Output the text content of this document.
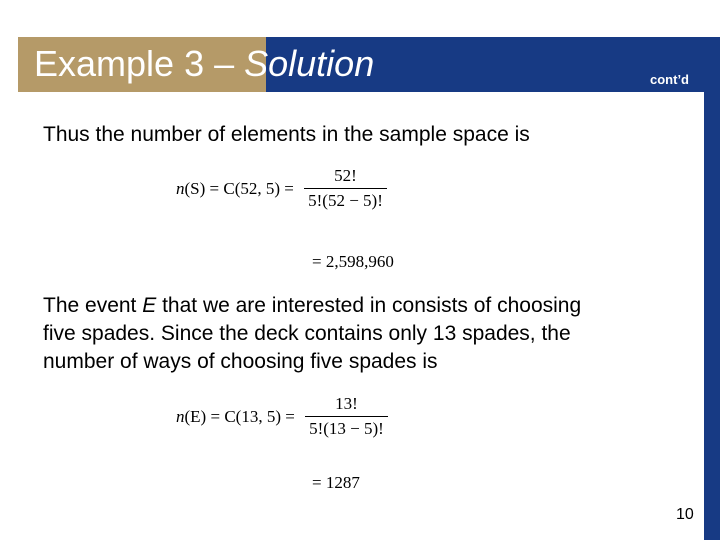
Example 3 – Solution	cont’d
Thus the number of elements in the sample space is
n (S) = C(52, $5) = \frac{52!}{5!(52 - 5)!}$
= 2,598,960
The event E that we are interested in consists of choosing
five spades. Since the deck contains only 13 spades, the
number of ways of choosing five spades is
n (E) = C(13, $5) = \frac{13!}{5!(13 - 5)!}$
= 1287
10
